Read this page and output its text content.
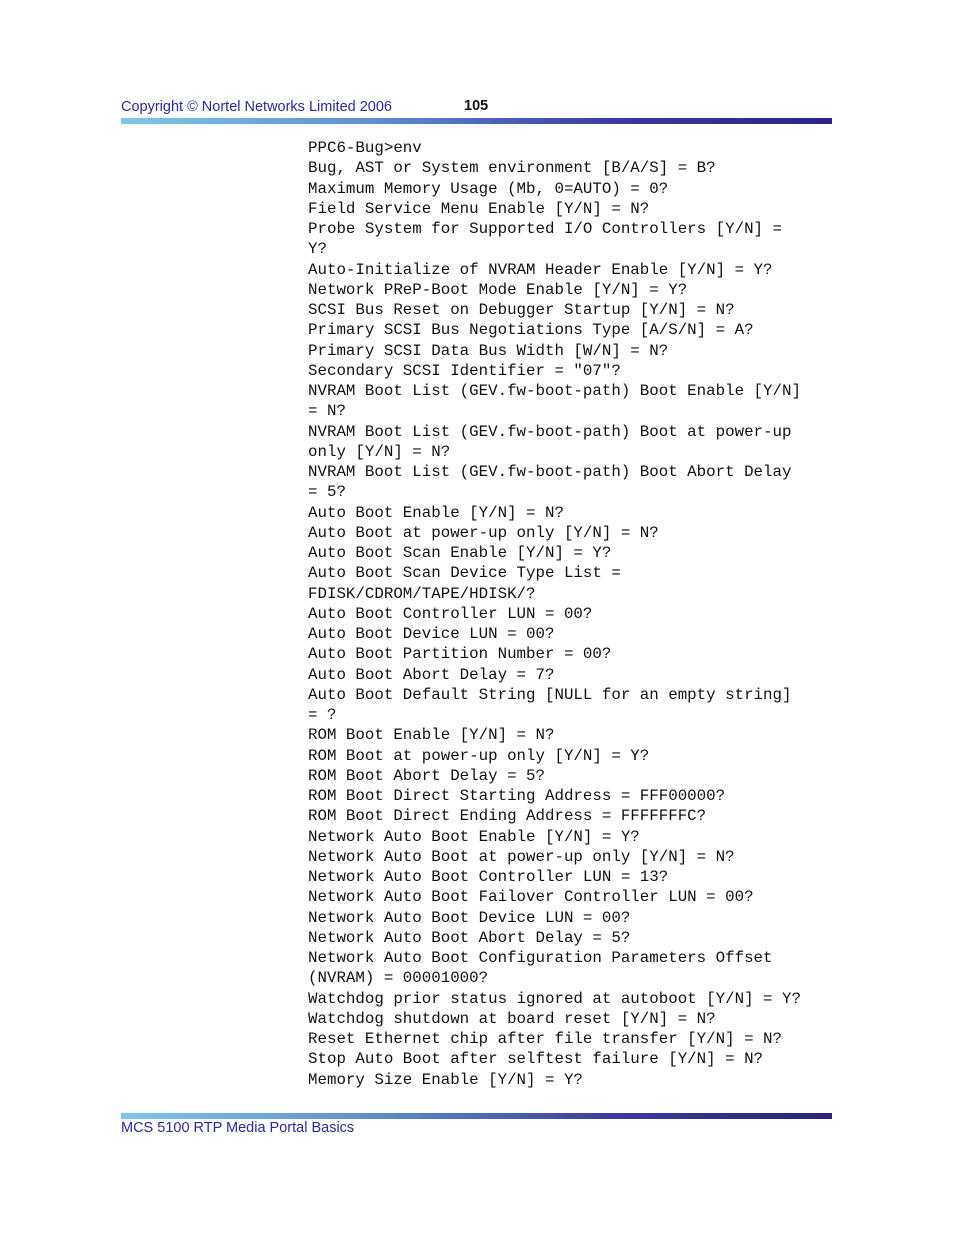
Copyright © Nortel Networks Limited 2006	105
PPC6-Bug>env
Bug, AST or System environment [B/A/S] = B?
Maximum Memory Usage (Mb, 0=AUTO) = 0?
Field Service Menu Enable [Y/N] = N?
Probe System for Supported I/O Controllers [Y/N] =
Y?
Auto-Initialize of NVRAM Header Enable [Y/N] = Y?
Network PReP-Boot Mode Enable [Y/N] = Y?
SCSI Bus Reset on Debugger Startup [Y/N] = N?
Primary SCSI Bus Negotiations Type [A/S/N] = A?
Primary SCSI Data Bus Width [W/N] = N?
Secondary SCSI Identifier = "07"?
NVRAM Boot List (GEV.fw-boot-path) Boot Enable [Y/N]
= N?
NVRAM Boot List (GEV.fw-boot-path) Boot at power-up
only [Y/N] = N?
NVRAM Boot List (GEV.fw-boot-path) Boot Abort Delay
= 5?
Auto Boot Enable [Y/N] = N?
Auto Boot at power-up only [Y/N] = N?
Auto Boot Scan Enable [Y/N] = Y?
Auto Boot Scan Device Type List =
FDISK/CDROM/TAPE/HDISK/?
Auto Boot Controller LUN = 00?
Auto Boot Device LUN = 00?
Auto Boot Partition Number = 00?
Auto Boot Abort Delay = 7?
Auto Boot Default String [NULL for an empty string]
= ?
ROM Boot Enable [Y/N] = N?
ROM Boot at power-up only [Y/N] = Y?
ROM Boot Abort Delay = 5?
ROM Boot Direct Starting Address = FFF00000?
ROM Boot Direct Ending Address = FFFFFFFC?
Network Auto Boot Enable [Y/N] = Y?
Network Auto Boot at power-up only [Y/N] = N?
Network Auto Boot Controller LUN = 13?
Network Auto Boot Failover Controller LUN = 00?
Network Auto Boot Device LUN = 00?
Network Auto Boot Abort Delay = 5?
Network Auto Boot Configuration Parameters Offset
(NVRAM) = 00001000?
Watchdog prior status ignored at autoboot [Y/N] = Y?
Watchdog shutdown at board reset [Y/N] = N?
Reset Ethernet chip after file transfer [Y/N] = N?
Stop Auto Boot after selftest failure [Y/N] = N?
Memory Size Enable [Y/N] = Y?
MCS 5100 RTP Media Portal Basics
